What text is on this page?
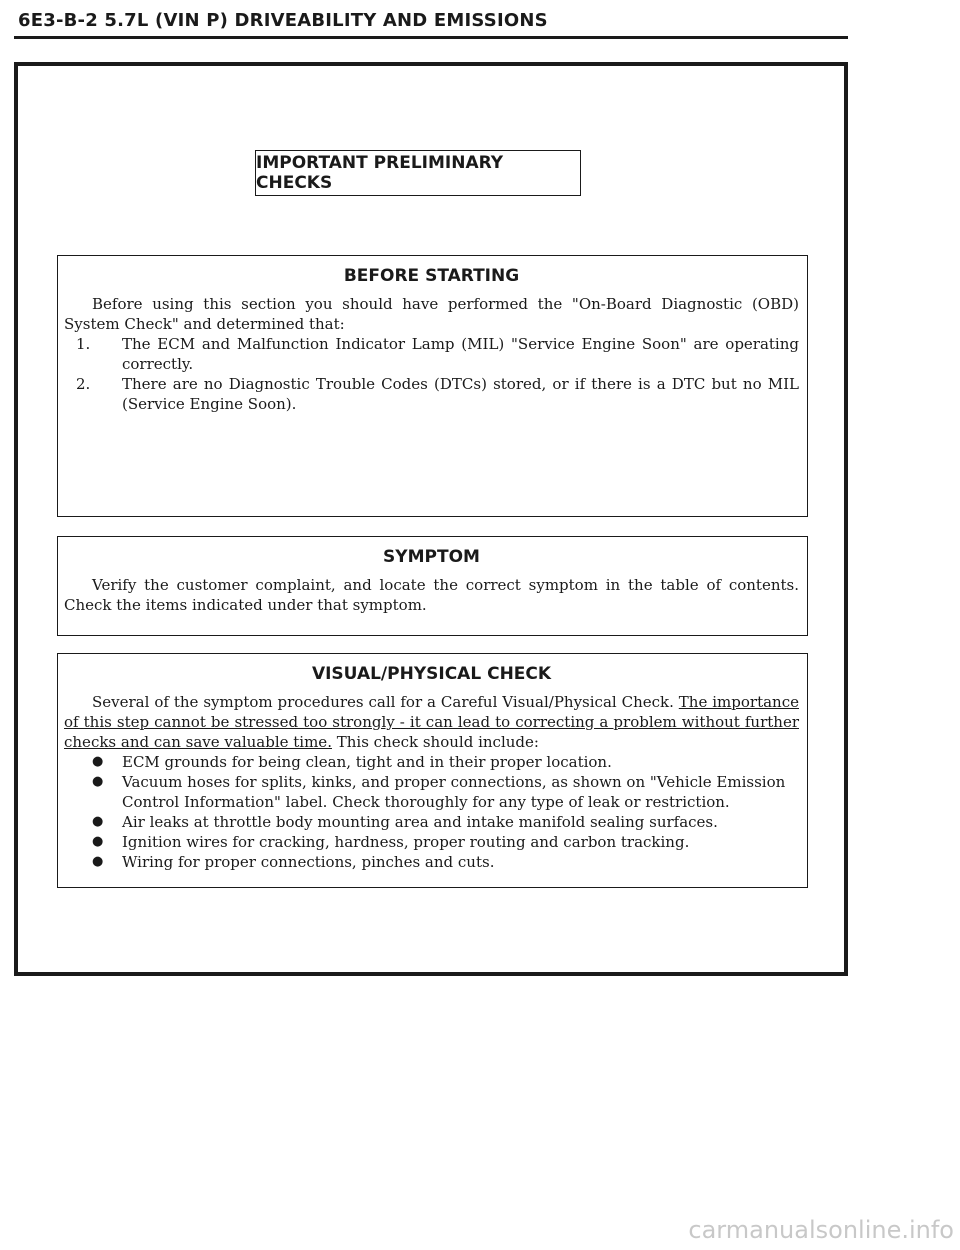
6E3-B-2 5.7L (VIN P) DRIVEABILITY AND EMISSIONS
IMPORTANT PRELIMINARY CHECKS
BEFORE STARTING

Before using this section you should have performed the "On-Board Diagnostic (OBD) System Check" and determined that:

1. The ECM and Malfunction Indicator Lamp (MIL) "Service Engine Soon" are operating correctly.
2. There are no Diagnostic Trouble Codes (DTCs) stored, or if there is a DTC but no MIL (Service Engine Soon).
SYMPTOM

Verify the customer complaint, and locate the correct symptom in the table of contents. Check the items indicated under that symptom.

VISUAL/PHYSICAL CHECK

Several of the symptom procedures call for a Careful Visual/Physical Check. The importance of this step cannot be stressed too strongly - it can lead to correcting a problem without further checks and can save valuable time. This check should include:

● ECM grounds for being clean, tight and in their proper location.
● Vacuum hoses for splits, kinks, and proper connections, as shown on "Vehicle Emission Control Information" label. Check thoroughly for any type of leak or restriction.
● Air leaks at throttle body mounting area and intake manifold sealing surfaces.
● Ignition wires for cracking, hardness, proper routing and carbon tracking.
● Wiring for proper connections, pinches and cuts.
carmanualsonline.info
